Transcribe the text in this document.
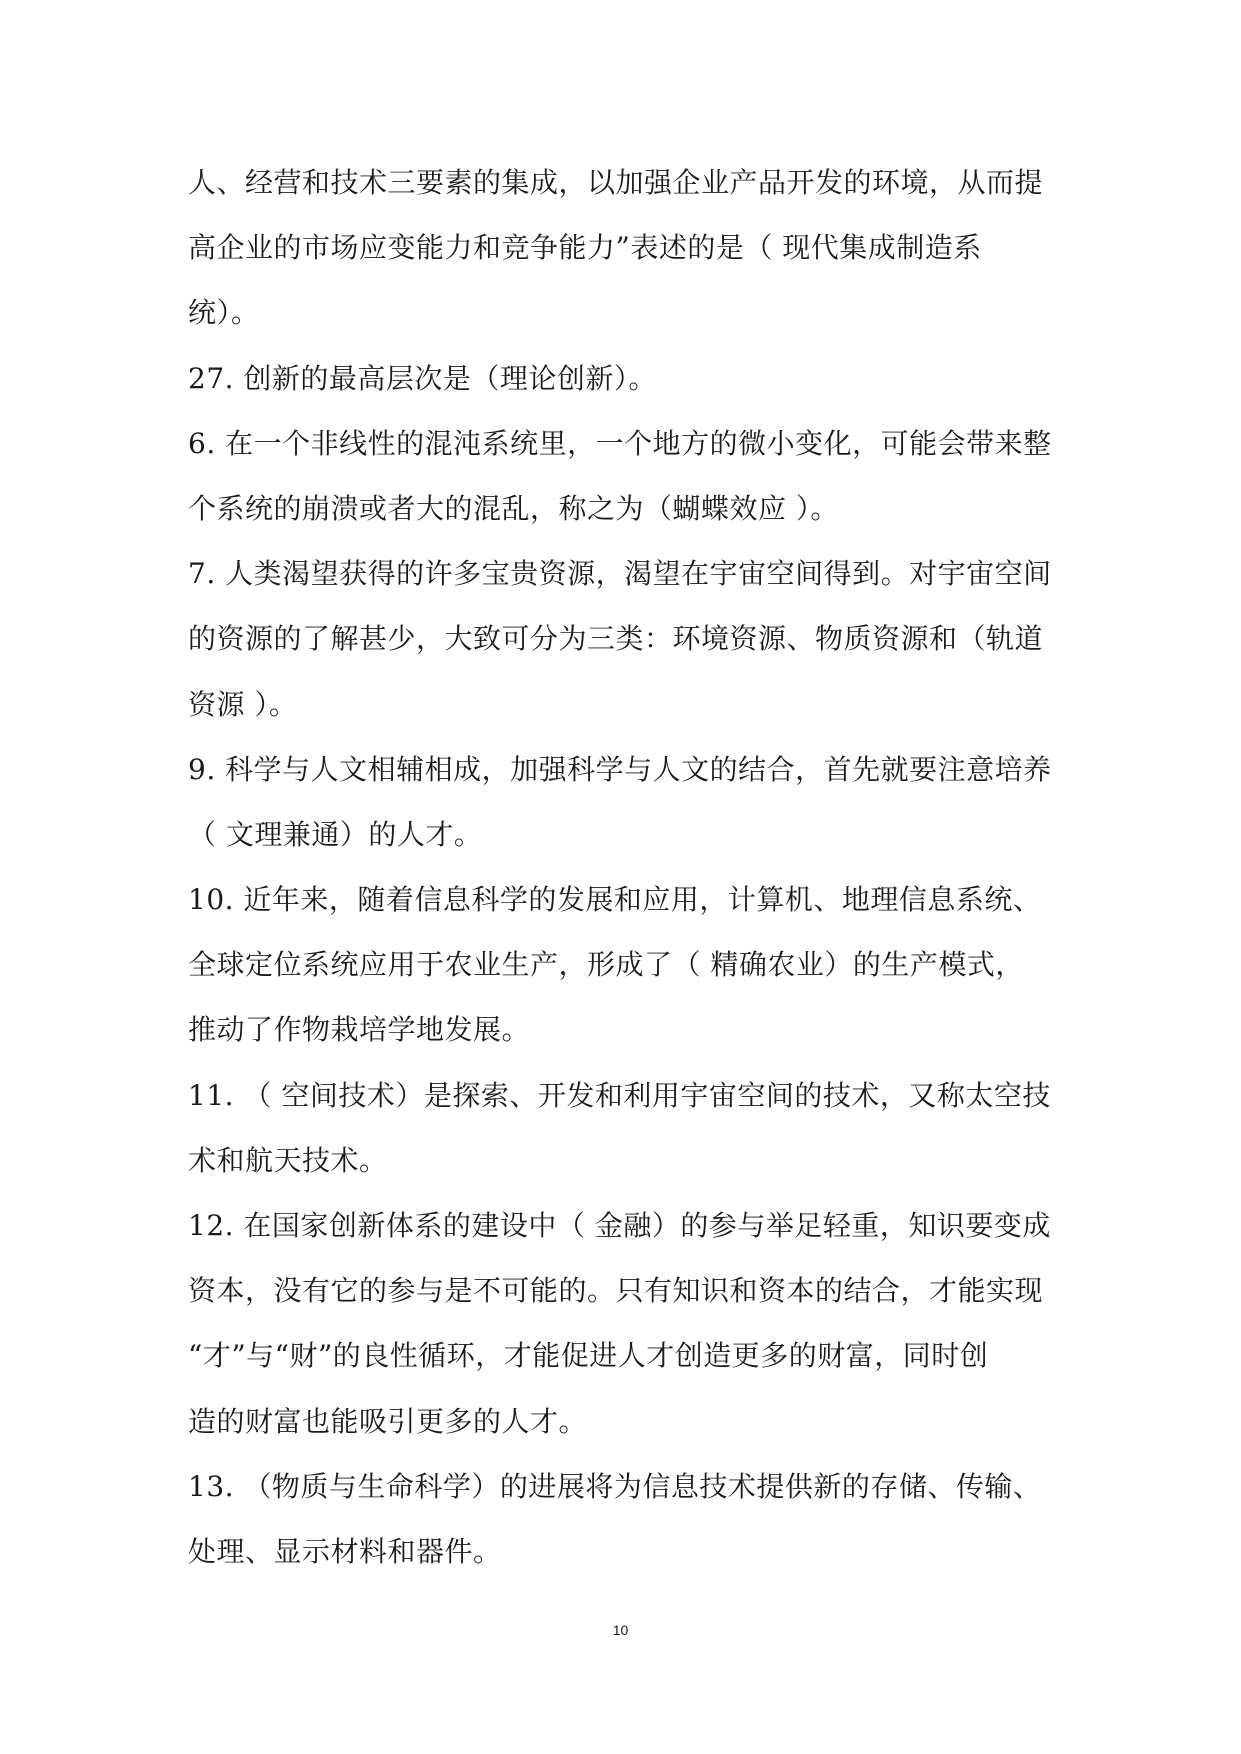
人、经营和技术三要素的集成，以加强企业产品开发的环境，从而提
高企业的市场应变能力和竞争能力”表述的是（ 现代集成制造系
统）。
27. 创新的最高层次是（理论创新）。
6. 在一个非线性的混沌系统里，一个地方的微小变化，可能会带来整
个系统的崩溃或者大的混乱，称之为（蝴蝶效应 ）。
7. 人类渴望获得的许多宝贵资源，渴望在宇宙空间得到。对宇宙空间
的资源的了解甚少，大致可分为三类：环境资源、物质资源和（轨道
资源 ）。
9. 科学与人文相辅相成，加强科学与人文的结合，首先就要注意培养
（ 文理兼通）的人才。
10. 近年来，随着信息科学的发展和应用，计算机、地理信息系统、
全球定位系统应用于农业生产，形成了（ 精确农业）的生产模式，
推动了作物栽培学地发展。
11. （ 空间技术）是探索、开发和利用宇宙空间的技术，又称太空技
术和航天技术。
12. 在国家创新体系的建设中（ 金融）的参与举足轻重，知识要变成
资本，没有它的参与是不可能的。只有知识和资本的结合，才能实现
“才”与“财”的良性循环，才能促进人才创造更多的财富，同时创
造的财富也能吸引更多的人才。
13. （物质与生命科学）的进展将为信息技术提供新的存储、传输、
处理、显示材料和器件。
10
